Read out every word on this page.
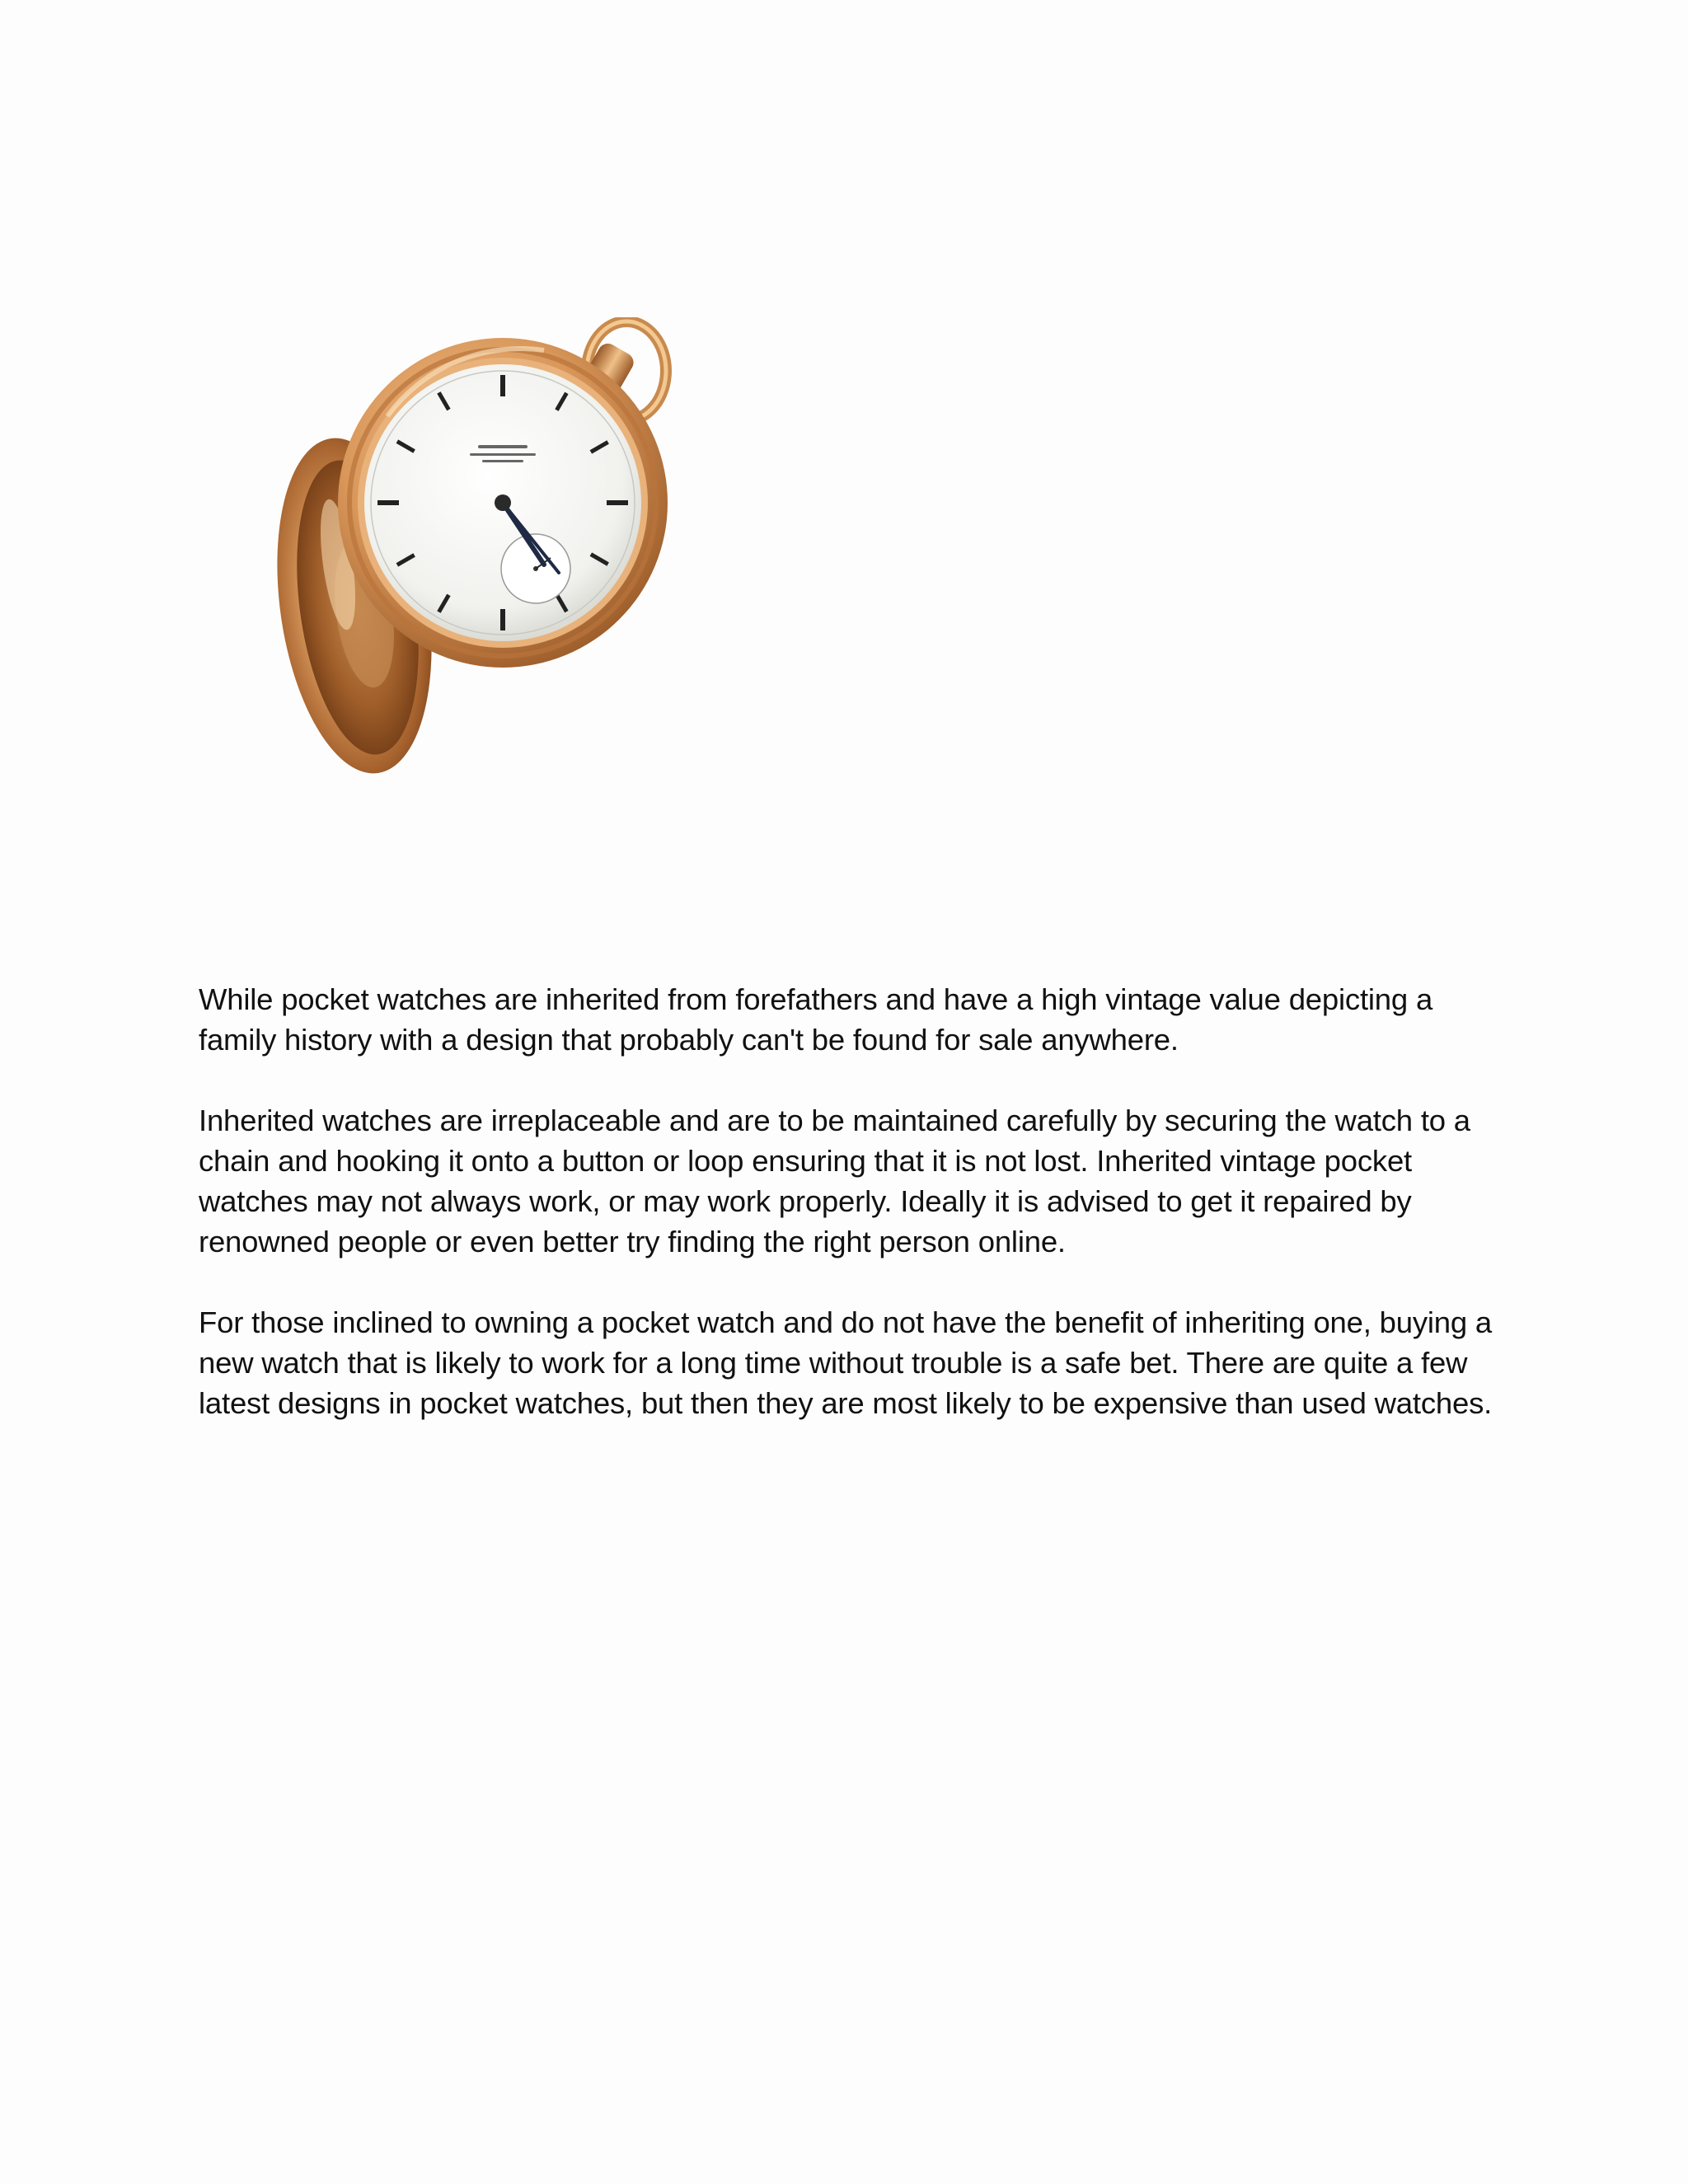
While pocket watches are inherited from forefathers and have a high vintage value depicting a family history with a design that probably can't be found for sale anywhere.

Inherited watches are irreplaceable and are to be maintained carefully by securing the watch to a chain and hooking it onto a button or loop ensuring that it is not lost. Inherited vintage pocket watches may not always work, or may work properly. Ideally it is advised to get it repaired by renowned people or even better try finding the right person online.

For those inclined to owning a pocket watch and do not have the benefit of inheriting one, buying a new watch that is likely to work for a long time without trouble is a safe bet. There are quite a few latest designs in pocket watches, but then they are most likely to be expensive than used watches.
